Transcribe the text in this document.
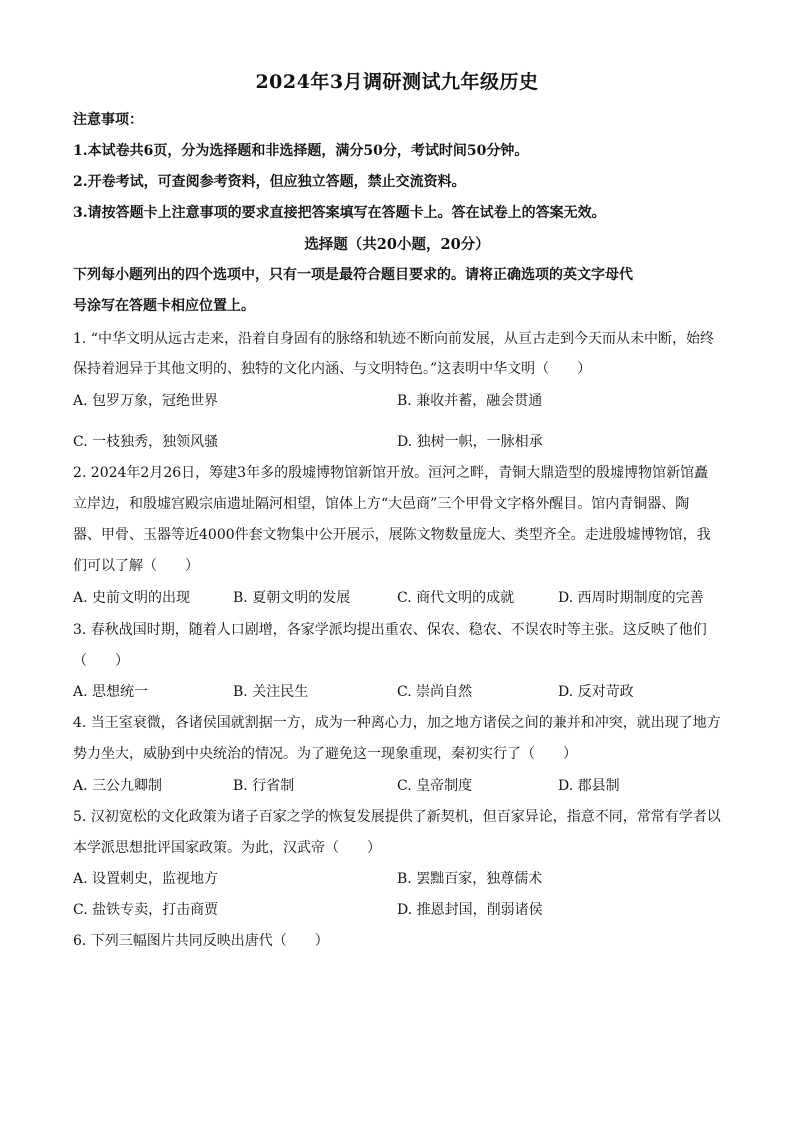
2024年3月调研测试九年级历史
注意事项：
1.本试卷共6页，分为选择题和非选择题，满分50分，考试时间50分钟。
2.开卷考试，可查阅参考资料，但应独立答题，禁止交流资料。
3.请按答题卡上注意事项的要求直接把答案填写在答题卡上。答在试卷上的答案无效。
选择题（共20小题，20分）
下列每小题列出的四个选项中，只有一项是最符合题目要求的。请将正确选项的英文字母代
号涂写在答题卡相应位置上。
1. “中华文明从远古走来，沿着自身固有的脉络和轨迹不断向前发展，从亘古走到今天而从未中断，始终
保持着迥异于其他文明的、独特的文化内涵、与文明特色。”这表明中华文明（　　）
A. 包罗万象，冠绝世界	B. 兼收并蓄，融会贯通
C. 一枝独秀，独领风骚	D. 独树一帜，一脉相承
2. 2024年2月26日，筹建3年多的殷墟博物馆新馆开放。洹河之畔，青铜大鼎造型的殷墟博物馆新馆矗
立岸边，和殷墟宫殿宗庙遗址隔河相望，馆体上方“大邑商”三个甲骨文字格外醒目。馆内青铜器、陶
器、甲骨、玉器等近4000件套文物集中公开展示，展陈文物数量庞大、类型齐全。走进殷墟博物馆，我
们可以了解（　　）
A. 史前文明的出现	B. 夏朝文明的发展	C. 商代文明的成就	D. 西周时期制度的完善
3. 春秋战国时期，随着人口剧增，各家学派均提出重农、保农、稳农、不误农时等主张。这反映了他们
（　　）
A. 思想统一	B. 关注民生	C. 崇尚自然	D. 反对苛政
4. 当王室衰微，各诸侯国就割据一方，成为一种离心力，加之地方诸侯之间的兼并和冲突，就出现了地方
势力坐大，威胁到中央统治的情况。为了避免这一现象重现，秦初实行了（　　）
A. 三公九卿制	B. 行省制	C. 皇帝制度	D. 郡县制
5. 汉初宽松的文化政策为诸子百家之学的恢复发展提供了新契机，但百家异论，指意不同，常常有学者以
本学派思想批评国家政策。为此，汉武帝（　　）
A. 设置刺史，监视地方	B. 罢黜百家，独尊儒术
C. 盐铁专卖，打击商贾	D. 推恩封国，削弱诸侯
6. 下列三幅图片共同反映出唐代（　　）
